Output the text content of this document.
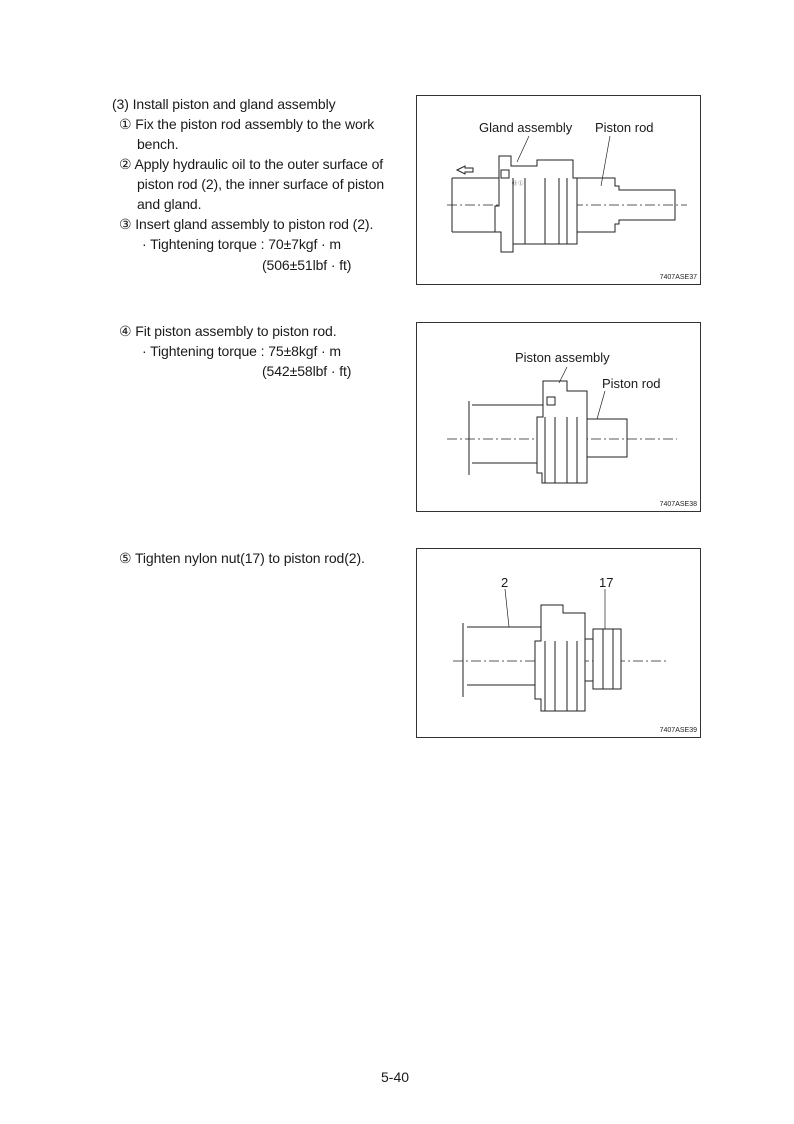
(3) Install piston and gland assembly
① Fix the piston rod assembly to the work
bench.
② Apply hydraulic oil to the outer surface of
piston rod (2), the inner surface of piston
and gland.
③ Insert gland assembly to piston rod (2).
· Tightening torque : 70±7kgf · m
(506±51lbf · ft)
④ Fit piston assembly to piston rod.
· Tightening torque : 75±8kgf · m
(542±58lbf · ft)
⑤ Tighten nylon nut(17) to piston rod(2).
Ⓗ Ⓛ
Gland assembly Piston rod
7407ASE37
Piston assembly
Piston rod
7407ASE38
2	17
7407ASE39
5-40
